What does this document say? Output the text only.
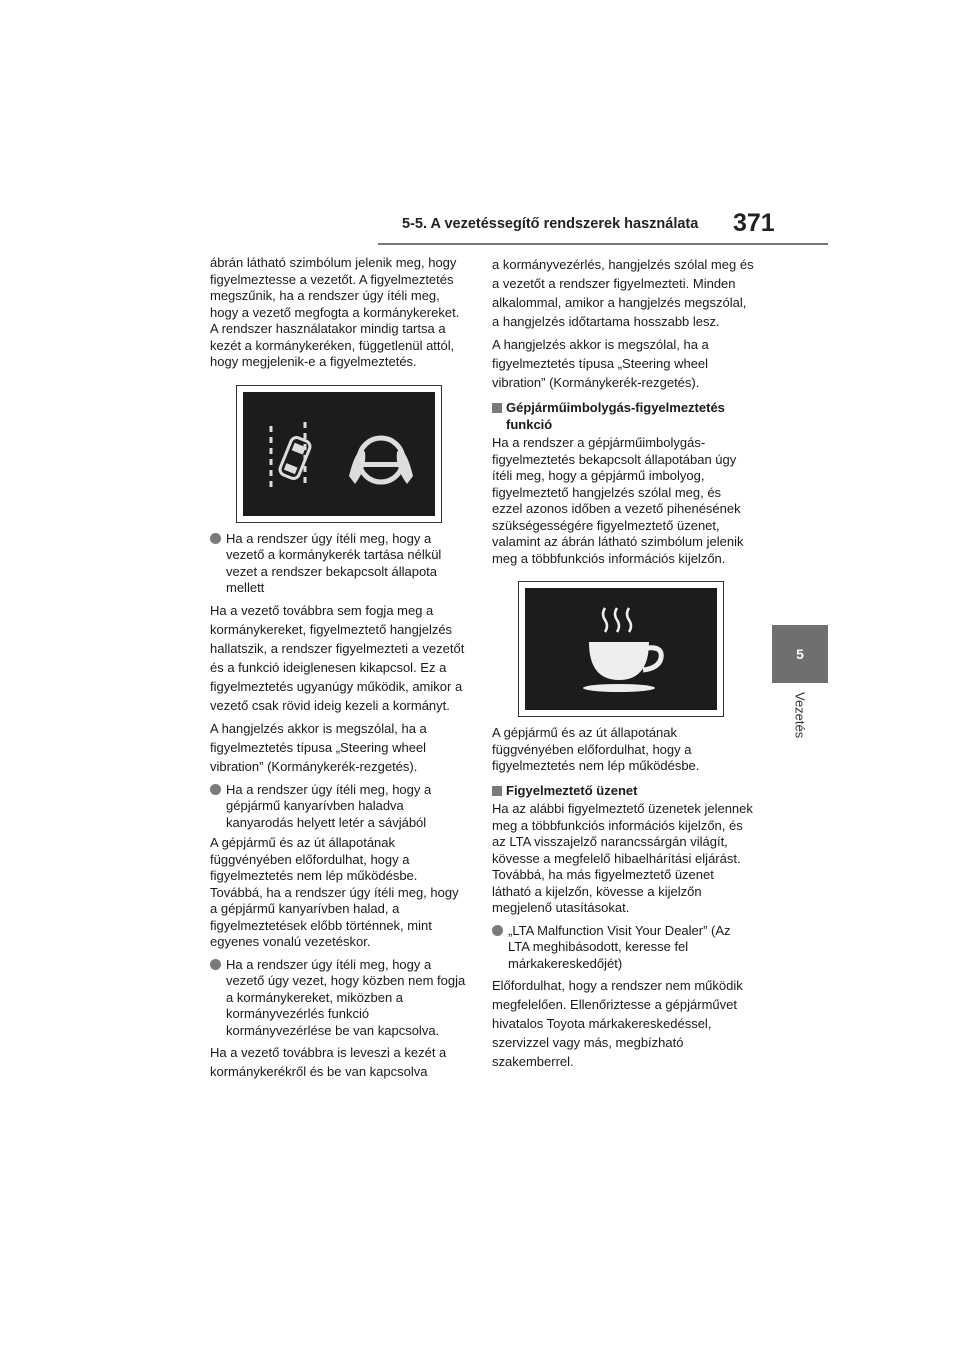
5-5. A vezetéssegítő rendszerek használata 371
5
Vezetés

ábrán látható szimbólum jelenik meg, hogy figyelmeztesse a vezetőt. A figyelmeztetés megszűnik, ha a rendszer úgy ítéli meg, hogy a vezető megfogta a kormánykereket. A rendszer használatakor mindig tartsa a kezét a kormánykeréken, függetlenül attól, hogy megjelenik-e a figyelmeztetés.

Ha a rendszer úgy ítéli meg, hogy a vezető a kormánykerék tartása nélkül vezet a rendszer bekapcsolt állapota mellett

Ha a vezető továbbra sem fogja meg a kormánykereket, figyelmeztető hangjelzés hallatszik, a rendszer figyelmezteti a vezetőt és a funkció ideiglenesen kikapcsol. Ez a figyelmeztetés ugyanúgy működik, amikor a vezető csak rövid ideig kezeli a kormányt.

A hangjelzés akkor is megszólal, ha a figyelmeztetés típusa „Steering wheel vibration” (Kormánykerék-rezgetés).

Ha a rendszer úgy ítéli meg, hogy a gépjármű kanyarívben haladva kanyarodás helyett letér a sávjából

A gépjármű és az út állapotának függvényében előfordulhat, hogy a figyelmeztetés nem lép működésbe. Továbbá, ha a rendszer úgy ítéli meg, hogy a gépjármű kanyarívben halad, a figyelmeztetések előbb történnek, mint egyenes vonalú vezetéskor.

Ha a rendszer úgy ítéli meg, hogy a vezető úgy vezet, hogy közben nem fogja a kormánykereket, miközben a kormányvezérlés funkció kormányvezérlése be van kapcsolva.

Ha a vezető továbbra is leveszi a kezét a kormánykerékről és be van kapcsolva

a kormányvezérlés, hangjelzés szólal meg és a vezetőt a rendszer figyelmezteti. Minden alkalommal, amikor a hangjelzés megszólal, a hangjelzés időtartama hosszabb lesz.

A hangjelzés akkor is megszólal, ha a figyelmeztetés típusa „Steering wheel vibration” (Kormánykerék-rezgetés).

Gépjárműimbolygás-figyelmeztetés funkció

Ha a rendszer a gépjárműimbolygás-figyelmeztetés bekapcsolt állapotában úgy ítéli meg, hogy a gépjármű imbolyog, figyelmeztető hangjelzés szólal meg, és ezzel azonos időben a vezető pihenésének szükségességére figyelmeztető üzenet, valamint az ábrán látható szimbólum jelenik meg a többfunkciós információs kijelzőn.

A gépjármű és az út állapotának függvényében előfordulhat, hogy a figyelmeztetés nem lép működésbe.

Figyelmeztető üzenet

Ha az alábbi figyelmeztető üzenetek jelennek meg a többfunkciós információs kijelzőn, és az LTA visszajelző narancssárgán világít, kövesse a megfelelő hibaelhárítási eljárást. Továbbá, ha más figyelmeztető üzenet látható a kijelzőn, kövesse a kijelzőn megjelenő utasításokat.

„LTA Malfunction Visit Your Dealer” (Az LTA meghibásodott, keresse fel márkakereskedőjét)

Előfordulhat, hogy a rendszer nem működik megfelelően. Ellenőriztesse a gépjárművet hivatalos Toyota márkakereskedéssel, szervizzel vagy más, megbízható szakemberrel.
